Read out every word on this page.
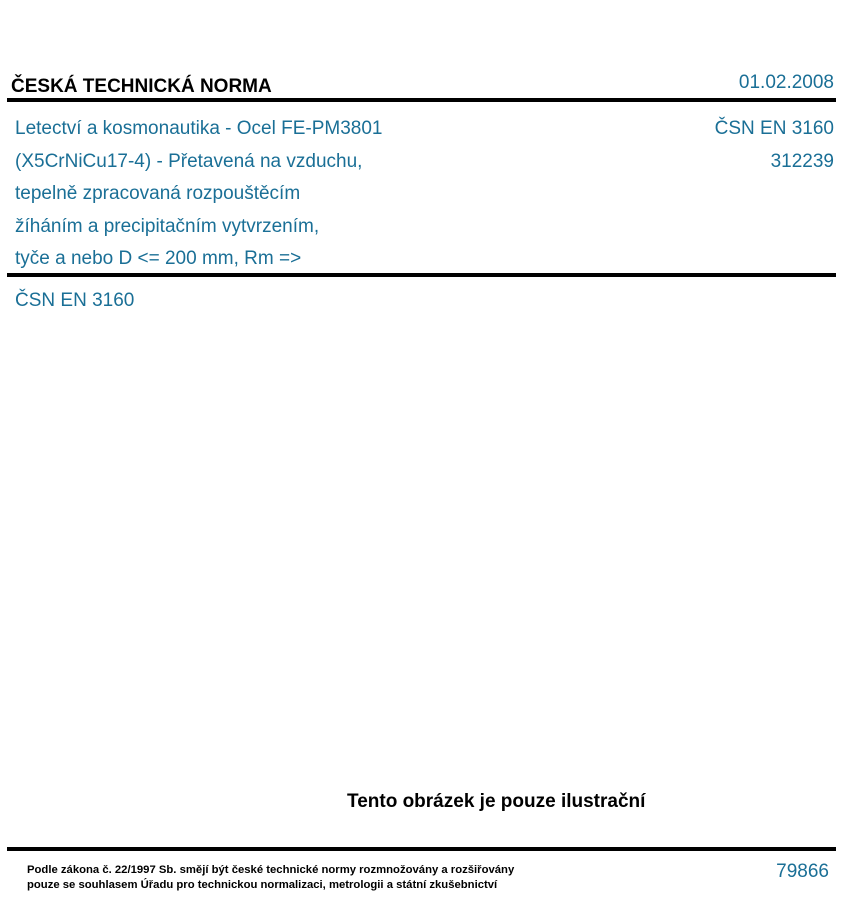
ČESKÁ TECHNICKÁ NORMA	01.02.2008
Letectví a kosmonautika - Ocel FE-PM3801
(X5CrNiCu17-4) - Přetavená na vzduchu,
tepelně zpracovaná rozpouštěcím
žíháním a precipitačním vytvrzením,
tyče a nebo D <= 200 mm, Rm =>
ČSN EN 3160
312239
ČSN EN 3160
Tento obrázek je pouze ilustrační
Podle zákona č. 22/1997 Sb. smějí být české technické normy rozmnožovány a rozšiřovány
pouze se souhlasem Úřadu pro technickou normalizaci, metrologii a státní zkušebnictví
79866
